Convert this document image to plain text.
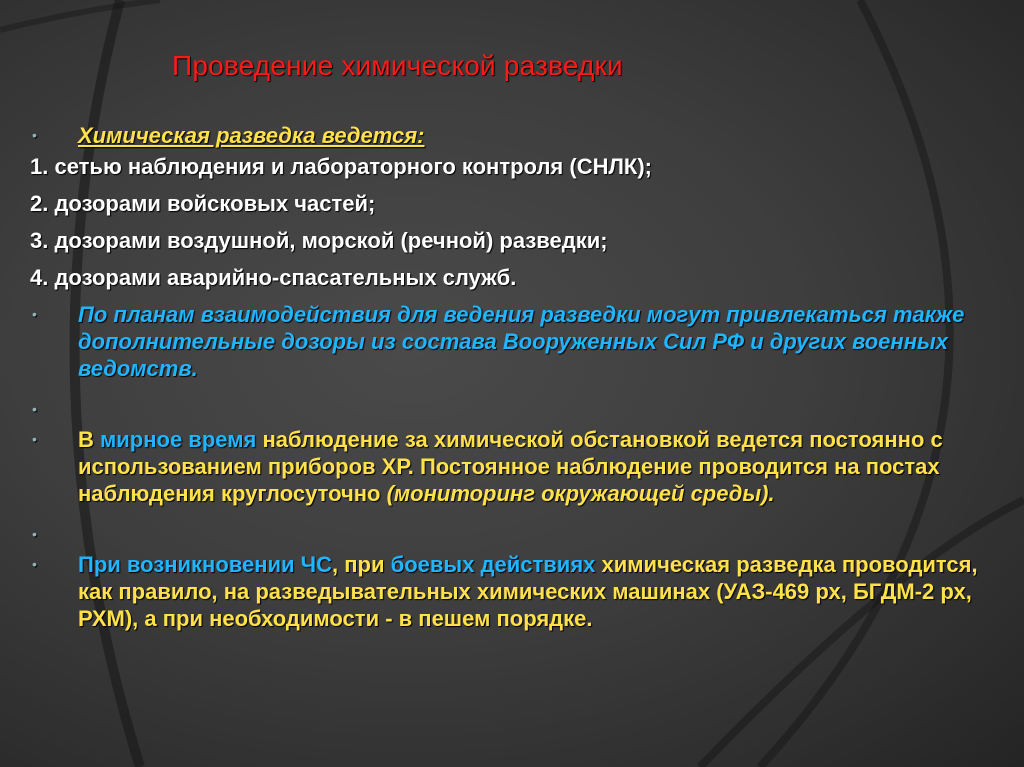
Проведение химической разведки
• Химическая разведка ведется:
1. сетью наблюдения и лабораторного контроля (СНЛК);
2. дозорами войсковых частей;
3. дозорами воздушной, морской (речной) разведки;
4. дозорами аварийно-спасательных служб.
• По планам взаимодействия для ведения разведки могут привлекаться также дополнительные дозоры из состава Вооруженных Сил РФ и других военных ведомств.
•
• В мирное время наблюдение за химической обстановкой ведется постоянно с использованием приборов ХР. Постоянное наблюдение проводится на постах наблюдения круглосуточно (мониторинг окружающей среды).
•
• При возникновении ЧС, при боевых действиях химическая разведка проводится, как правило, на разведывательных химических машинах (УАЗ-469 рх, БГДМ-2 рх, РХМ), а при необходимости - в пешем порядке.
